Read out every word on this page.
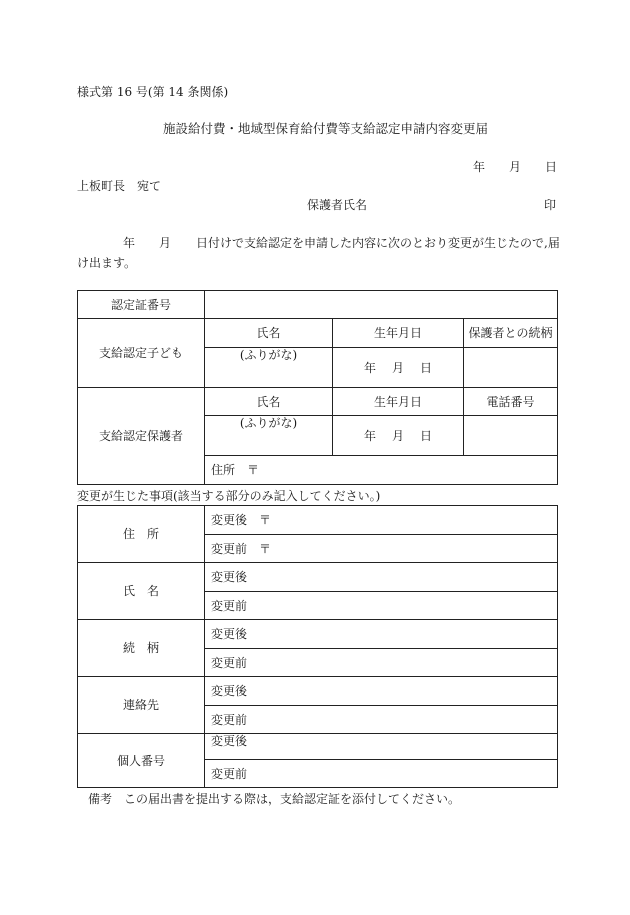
様式第 16 号(第 14 条関係)
施設給付費・地域型保育給付費等支給認定申請内容変更届
年 月 日
上板町長　宛て
保護者氏名	印
年 月 日付けで支給認定を申請した内容に次のとおり変更が生じたので,届
け出ます。
認定証番号			
支給認定子ども	氏名	生年月日	保護者との続柄
	(ふりがな)	年 月 日	
支給認定保護者	氏名	生年月日	電話番号
	(ふりがな)	年 月 日	
	住所　〒		
変更が生じた事項(該当する部分のみ記入してください。)
住　所	変更後　〒
	変更前　〒
氏　名	変更後
	変更前
続　柄	変更後
	変更前
連絡先	変更後
	変更前
個人番号	変更後
	変更前
備考　この届出書を提出する際は，支給認定証を添付してください。
